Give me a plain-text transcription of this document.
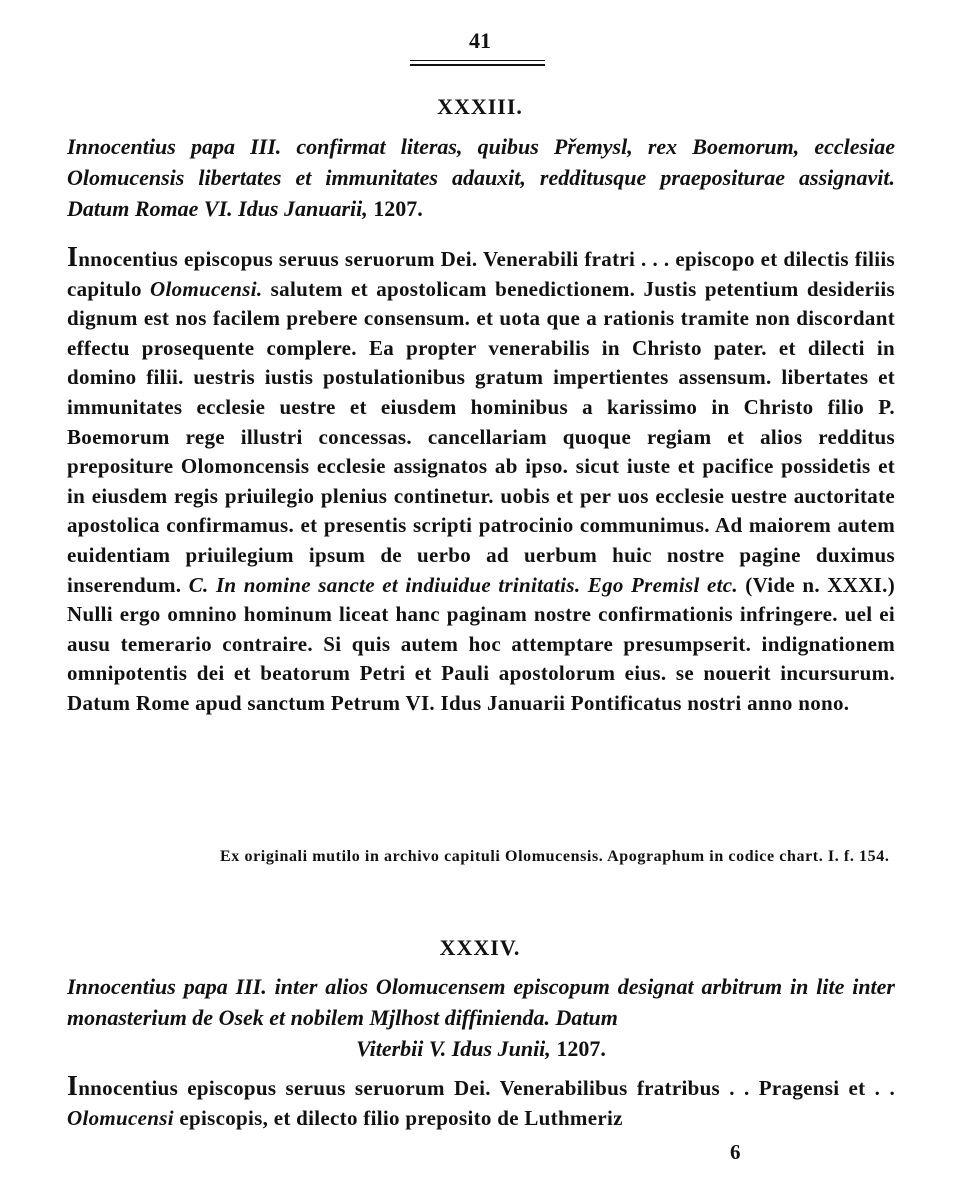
41
XXXIII.
Innocentius papa III. confirmat literas, quibus Přemysl, rex Boemorum, ecclesiae Olomucensis libertates et immunitates adauxit, redditusque praepositurae assignavit. Datum Romae VI. Idus Januarii, 1207.
Innocentius episcopus seruus seruorum Dei. Venerabili fratri . . . episcopo et dilectis filiis capitulo Olomucensi. salutem et apostolicam benedictionem. Justis petentium desideriis dignum est nos facilem prebere consensum. et uota que a rationis tramite non discordant effectu prosequente complere. Ea propter venerabilis in Christo pater. et dilecti in domino filii. uestris iustis postulationibus gratum impertientes assensum. libertates et immunitates ecclesie uestre et eiusdem hominibus a karissimo in Christo filio P. Boemorum rege illustri concessas. cancellariam quoque regiam et alios redditus prepositure Olomoncensis ecclesie assignatos ab ipso. sicut iuste et pacifice possidetis et in eiusdem regis priuilegio plenius continetur. uobis et per uos ecclesie uestre auctoritate apostolica confirmamus. et presentis scripti patrocinio communimus. Ad maiorem autem euidentiam priuilegium ipsum de uerbo ad uerbum huic nostre pagine duximus inserendum. C. In nomine sancte et indiuidue trinitatis. Ego Premisl etc. (Vide n. XXXI.) Nulli ergo omnino hominum liceat hanc paginam nostre confirmationis infringere. uel ei ausu temerario contraire. Si quis autem hoc attemptare presumpserit. indignationem omnipotentis dei et beatorum Petri et Pauli apostolorum eius. se nouerit incursurum. Datum Rome apud sanctum Petrum VI. Idus Januarii Pontificatus nostri anno nono.
Ex originali mutilo in archivo capituli Olomucensis. Apographum in codice chart. I. f. 154.
XXXIV.
Innocentius papa III. inter alios Olomucensem episcopum designat arbitrum in lite inter monasterium de Osek et nobilem Mjlhost diffinienda. Datum
Viterbii V. Idus Junii, 1207.
Innocentius episcopus seruus seruorum Dei. Venerabilibus fratribus . . Pragensi et . . Olomucensi episcopis, et dilecto filio preposito de Luthmeriz
6
